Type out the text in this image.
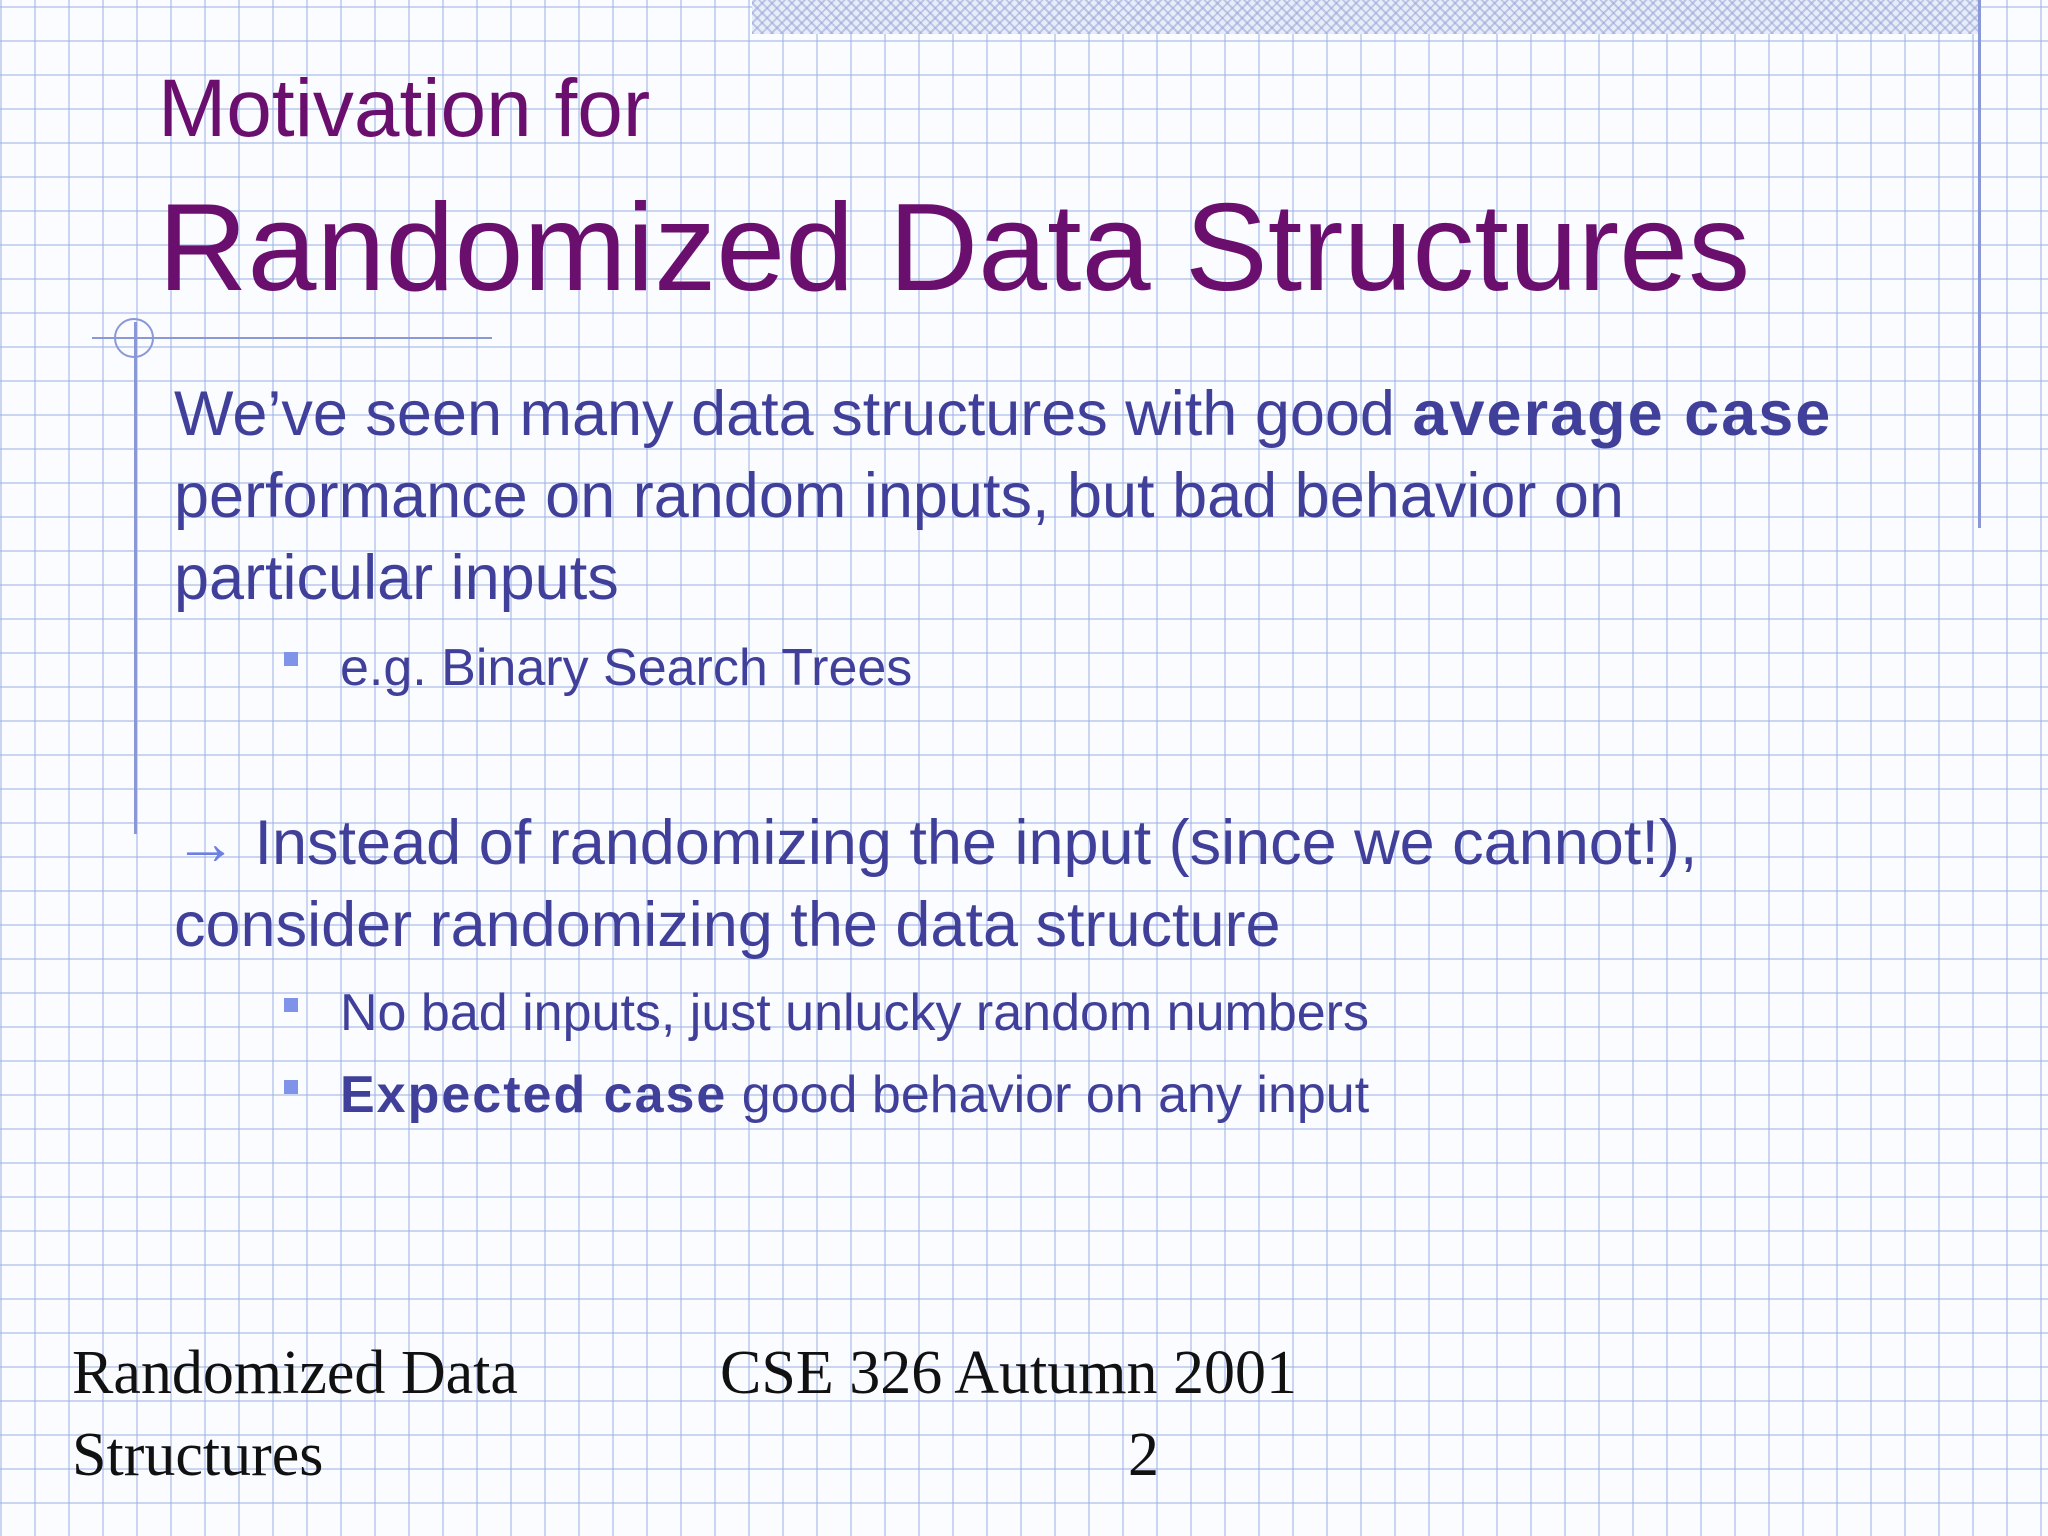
Motivation for
Randomized Data Structures
We’ve seen many data structures with good average case performance on random inputs, but bad behavior on particular inputs
e.g. Binary Search Trees
→ Instead of randomizing the input (since we cannot!), consider randomizing the data structure
No bad inputs, just unlucky random numbers
Expected case good behavior on any input
Randomized Data
Structures
CSE 326 Autumn 2001
2
